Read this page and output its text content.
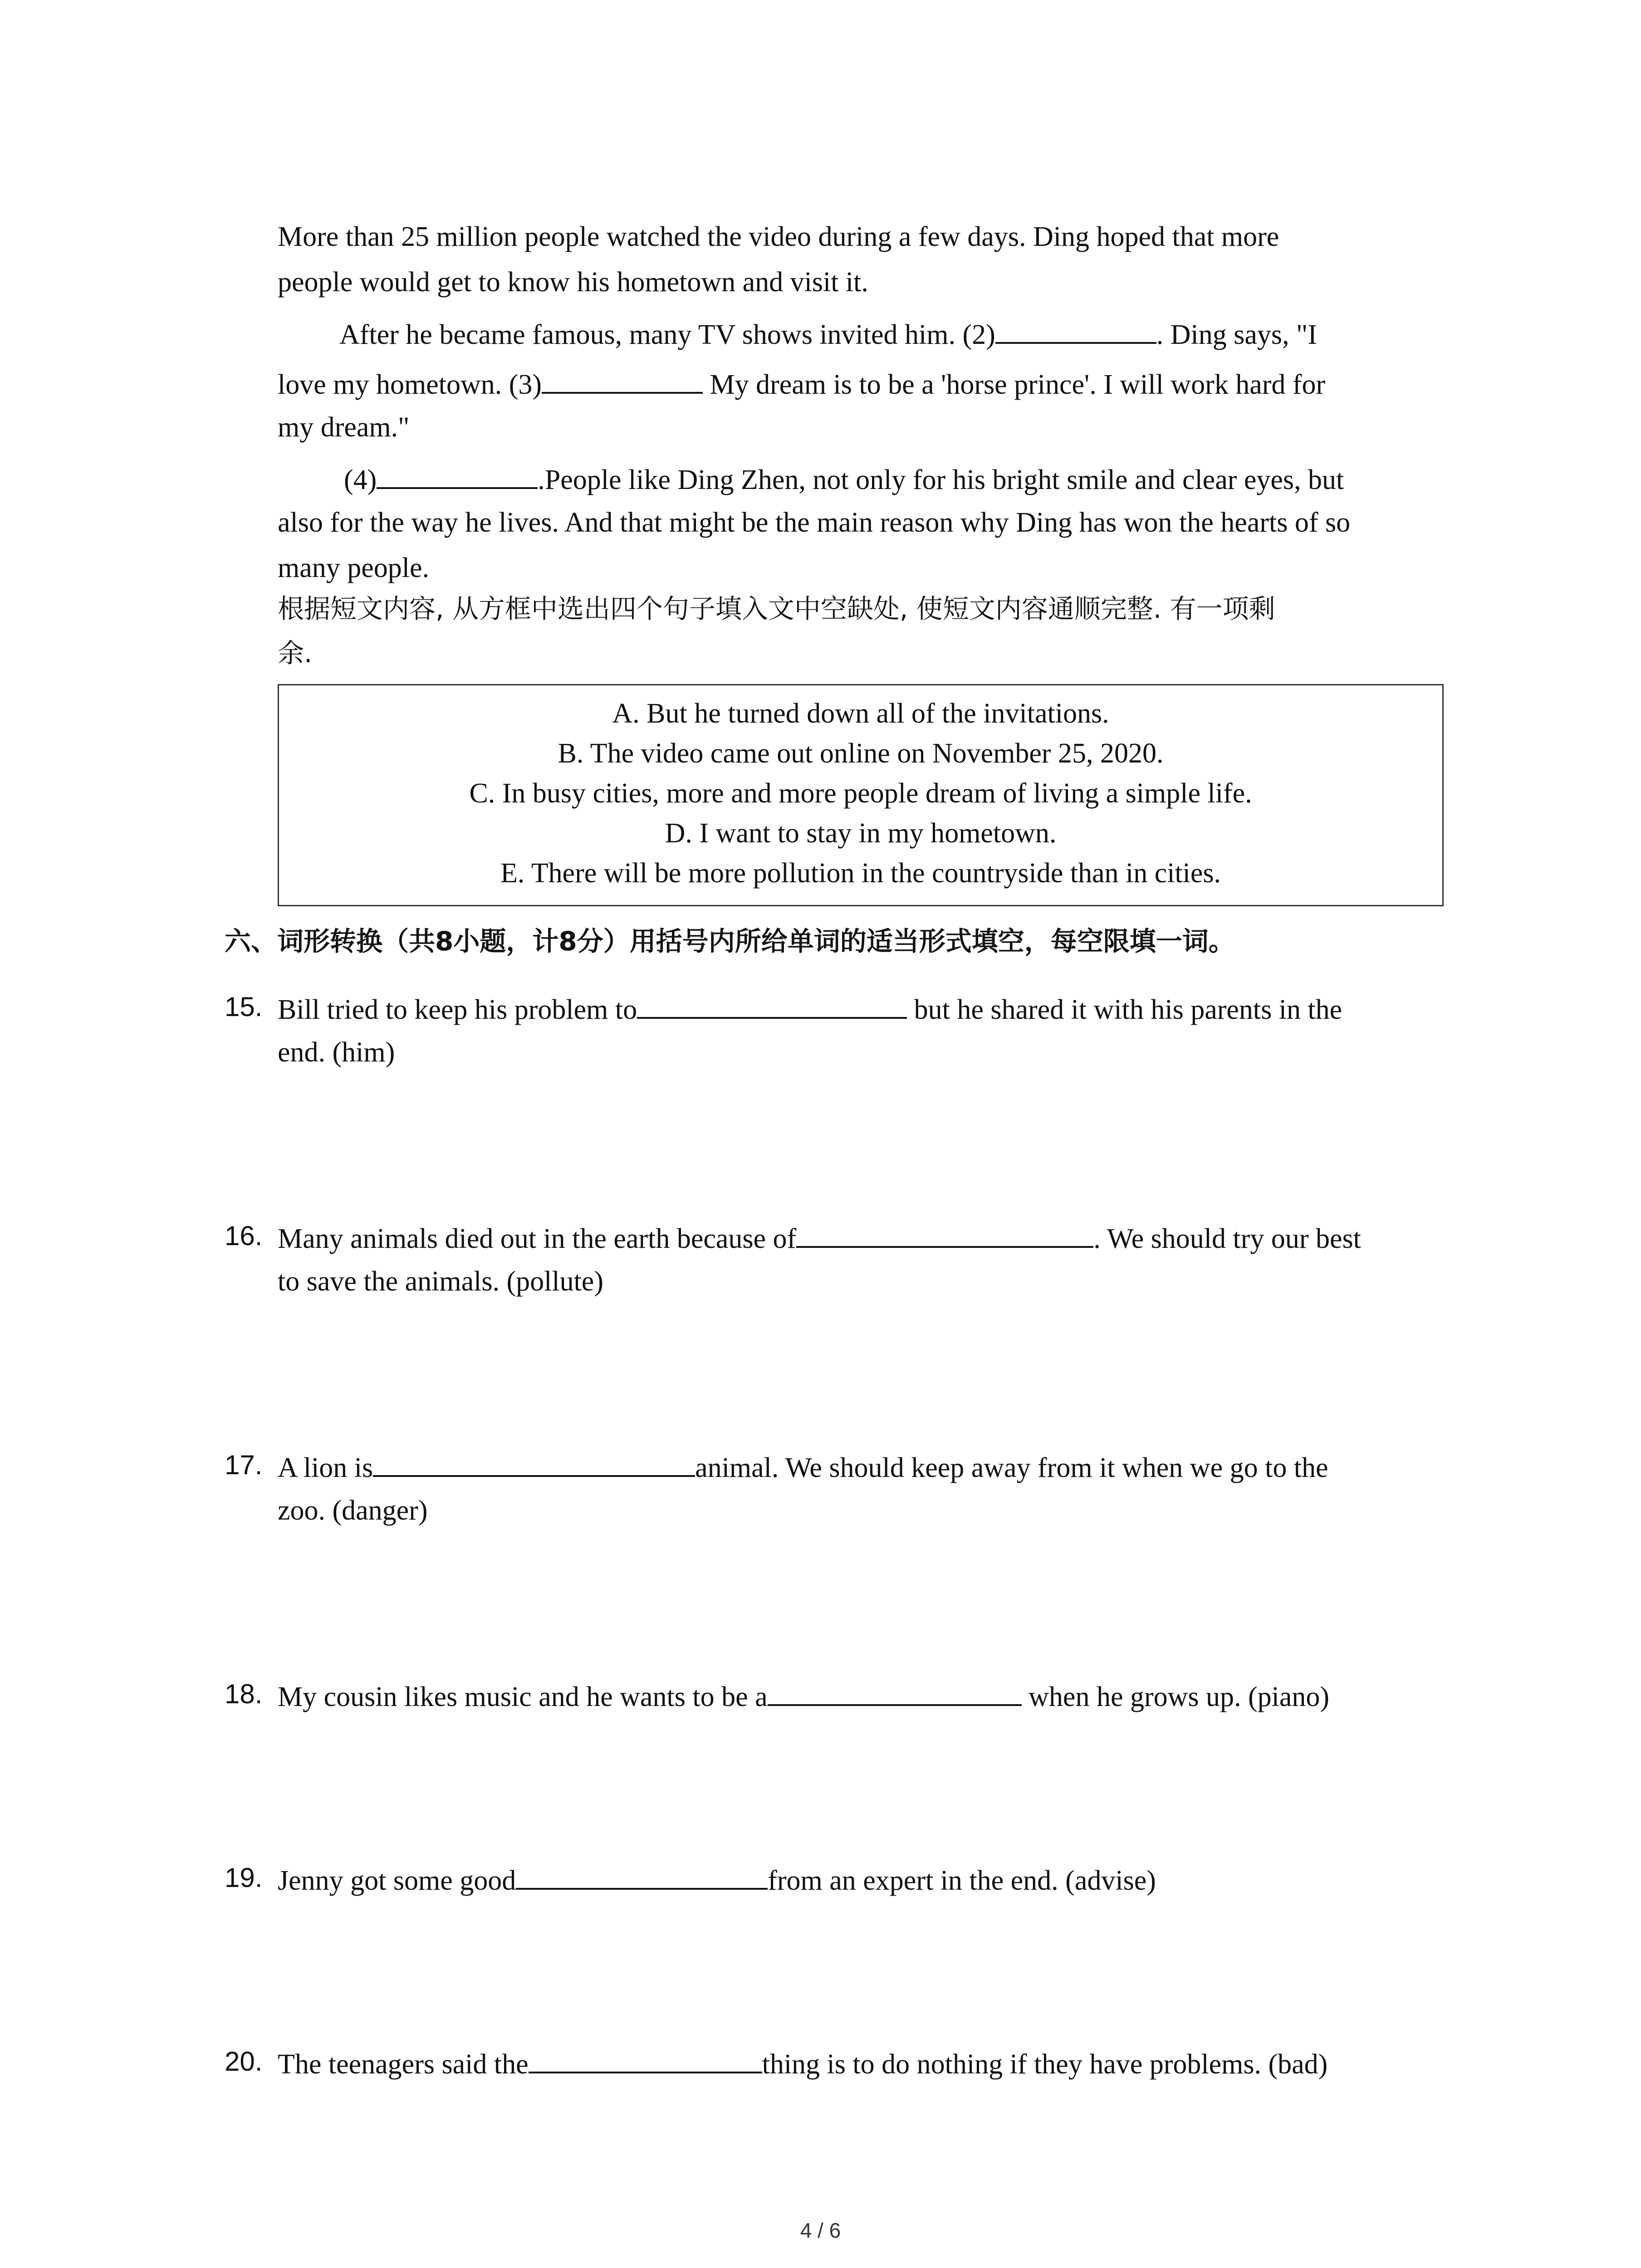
More than 25 million people watched the video during a few days. Ding hoped that more
people would get to know his hometown and visit it.
After he became famous, many TV shows invited him. (2)	. Ding says, "I
love my hometown. (3)	My dream is to be a 'horse prince'. I will work hard for
my dream."
(4)	.People like Ding Zhen, not only for his bright smile and clear eyes, but
also for the way he lives. And that might be the main reason why Ding has won the hearts of so
many people.
根据短文内容, 从方框中选出四个句子填入文中空缺处, 使短文内容通顺完整. 有一项剩
余.
A. But he turned down all of the invitations.
B. The video came out online on November 25, 2020.
C. In busy cities, more and more people dream of living a simple life.
D. I want to stay in my hometown.
E. There will be more pollution in the countryside than in cities.
六、词形转换（共8小题，计8分）用括号内所给单词的适当形式填空，每空限填一词。
15. Bill tried to keep his problem to	but he shared it with his parents in the
end. (him)
16. Many animals died out in the earth because of	. We should try our best
to save the animals. (pollute)
17. A lion is	animal. We should keep away from it when we go to the
zoo. (danger)
18. My cousin likes music and he wants to be a	when he grows up. (piano)
19. Jenny got some good	from an expert in the end. (advise)
20. The teenagers said the	thing is to do nothing if they have problems. (bad)
4 / 6
